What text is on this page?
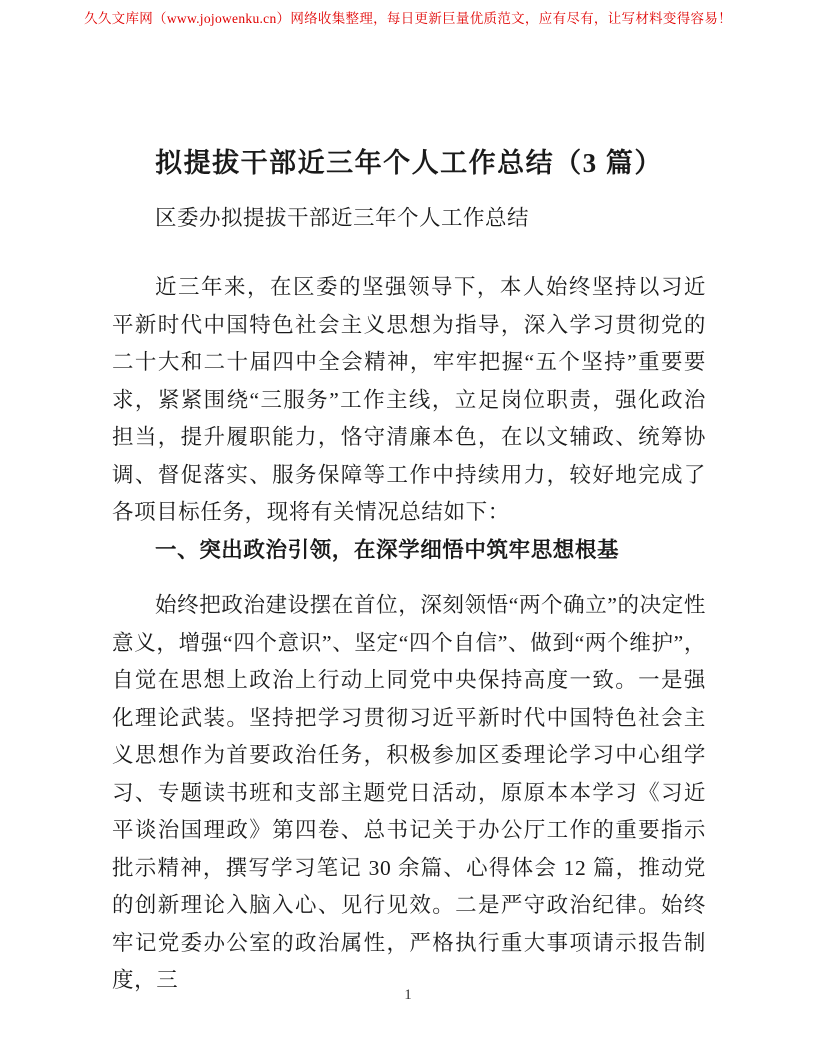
久久文库网（www.jojowenku.cn）网络收集整理，每日更新巨量优质范文，应有尽有，让写材料变得容易！
拟提拔干部近三年个人工作总结（3 篇）

区委办拟提拔干部近三年个人工作总结

近三年来，在区委的坚强领导下，本人始终坚持以习近平新时代中国特色社会主义思想为指导，深入学习贯彻党的二十大和二十届四中全会精神，牢牢把握“五个坚持”重要要求，紧紧围绕“三服务”工作主线，立足岗位职责，强化政治担当，提升履职能力，恪守清廉本色，在以文辅政、统筹协调、督促落实、服务保障等工作中持续用力，较好地完成了各项目标任务，现将有关情况总结如下：

一、突出政治引领，在深学细悟中筑牢思想根基

始终把政治建设摆在首位，深刻领悟“两个确立”的决定性意义，增强“四个意识”、坚定“四个自信”、做到“两个维护”，自觉在思想上政治上行动上同党中央保持高度一致。一是强化理论武装。坚持把学习贯彻习近平新时代中国特色社会主义思想作为首要政治任务，积极参加区委理论学习中心组学习、专题读书班和支部主题党日活动，原原本本学习《习近平谈治国理政》第四卷、总书记关于办公厅工作的重要指示批示精神，撰写学习笔记 30 余篇、心得体会 12 篇，推动党的创新理论入脑入心、见行见效。二是严守政治纪律。始终牢记党委办公室的政治属性，严格执行重大事项请示报告制度，三

1
